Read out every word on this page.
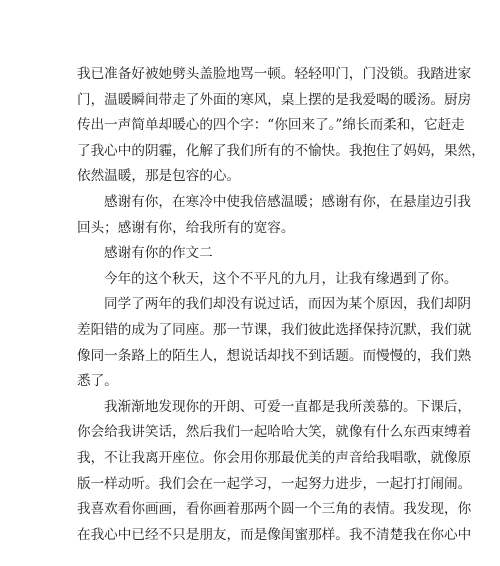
我已准备好被她劈头盖脸地骂一顿。轻轻叩门，门没锁。我踏进家
门，温暖瞬间带走了外面的寒风，桌上摆的是我爱喝的暖汤。厨房
传出一声简单却暖心的四个字：“你回来了。”绵长而柔和，它赶走
了我心中的阴霾，化解了我们所有的不愉快。我抱住了妈妈，果然，
依然温暖，那是包容的心。
感谢有你，在寒冷中使我倍感温暖；感谢有你，在悬崖边引我
回头；感谢有你，给我所有的宽容。
感谢有你的作文二
今年的这个秋天，这个不平凡的九月，让我有缘遇到了你。
同学了两年的我们却没有说过话，而因为某个原因，我们却阴
差阳错的成为了同座。那一节课，我们彼此选择保持沉默，我们就
像同一条路上的陌生人，想说话却找不到话题。而慢慢的，我们熟
悉了。
我渐渐地发现你的开朗、可爱一直都是我所羡慕的。下课后，
你会给我讲笑话，然后我们一起哈哈大笑，就像有什么东西束缚着
我，不让我离开座位。你会用你那最优美的声音给我唱歌，就像原
版一样动听。我们会在一起学习，一起努力进步，一起打打闹闹。
我喜欢看你画画，看你画着那两个圆一个三角的表情。我发现，你
在我心中已经不只是朋友，而是像闺蜜那样。我不清楚我在你心中
